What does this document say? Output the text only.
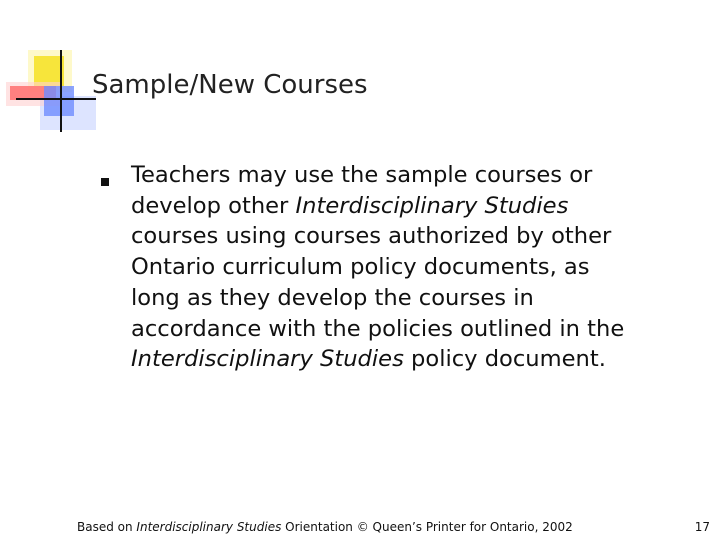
Sample/New Courses
Teachers may use the sample courses or
develop other Interdisciplinary Studies
courses using courses authorized by other
Ontario curriculum policy documents, as
long as they develop the courses in
accordance with the policies outlined in the
Interdisciplinary Studies policy document.
Based on Interdisciplinary Studies Orientation © Queen’s Printer for Ontario, 2002	17
